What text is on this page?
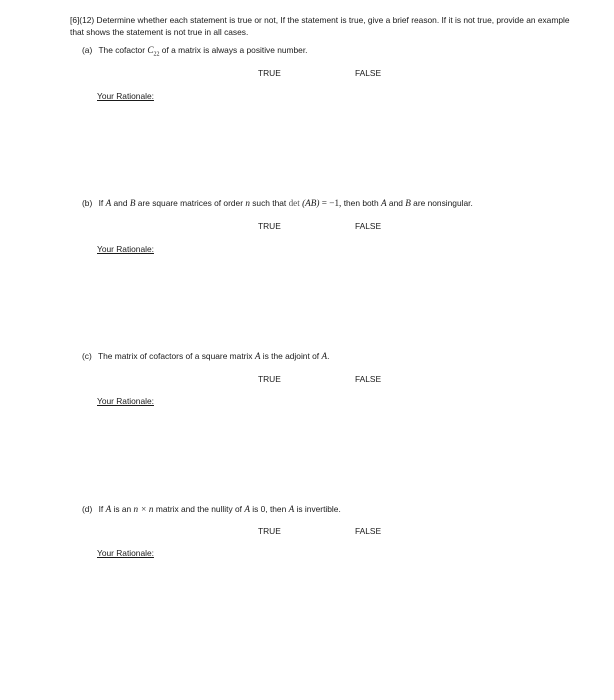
[6](12) Determine whether each statement is true or not, If the statement is true, give a brief reason. If it is not true, provide an example that shows the statement is not true in all cases.
(a) The cofactor $C_{22}$ of a matrix is always a positive number.
TRUE	FALSE
Your Rationale:
(b) If A and B are square matrices of order n such that det (AB) = −1, then both A and B are nonsingular.
TRUE	FALSE
Your Rationale:
(c) The matrix of cofactors of a square matrix A is the adjoint of A.
TRUE	FALSE
Your Rationale:
(d) If A is an n × n matrix and the nullity of A is 0, then A is invertible.
TRUE	FALSE
Your Rationale:
